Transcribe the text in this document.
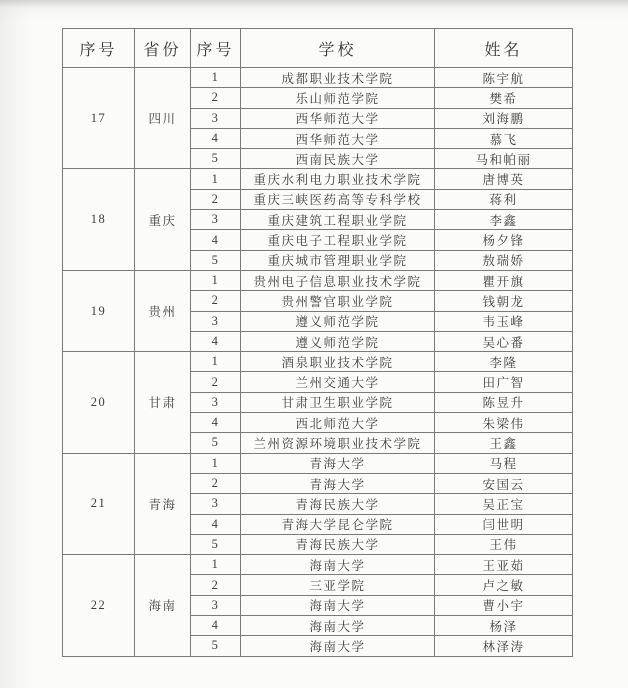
序号	省份	序号	学校	姓名
17	四川	1	成都职业技术学院	陈宇航
		2	乐山师范学院	樊希
		3	西华师范大学	刘海鹏
		4	西华师范大学	慕飞
		5	西南民族大学	马和帕丽
18	重庆	1	重庆水利电力职业技术学院	唐博英
		2	重庆三峡医药高等专科学校	蒋利
		3	重庆建筑工程职业学院	李鑫
		4	重庆电子工程职业学院	杨夕锋
		5	重庆城市管理职业学院	敖瑞娇
19	贵州	1	贵州电子信息职业技术学院	瞿开旗
		2	贵州警官职业学院	钱朝龙
		3	遵义师范学院	韦玉峰
		4	遵义师范学院	吴心番
20	甘肃	1	酒泉职业技术学院	李隆
		2	兰州交通大学	田广智
		3	甘肃卫生职业学院	陈昱升
		4	西北师范大学	朱梁伟
		5	兰州资源环境职业技术学院	王鑫
21	青海	1	青海大学	马程
		2	青海大学	安国云
		3	青海民族大学	吴正宝
		4	青海大学昆仑学院	闫世明
		5	青海民族大学	王伟
22	海南	1	海南大学	王亚茹
		2	三亚学院	卢之敏
		3	海南大学	曹小宇
		4	海南大学	杨泽
		5	海南大学	林泽涛
